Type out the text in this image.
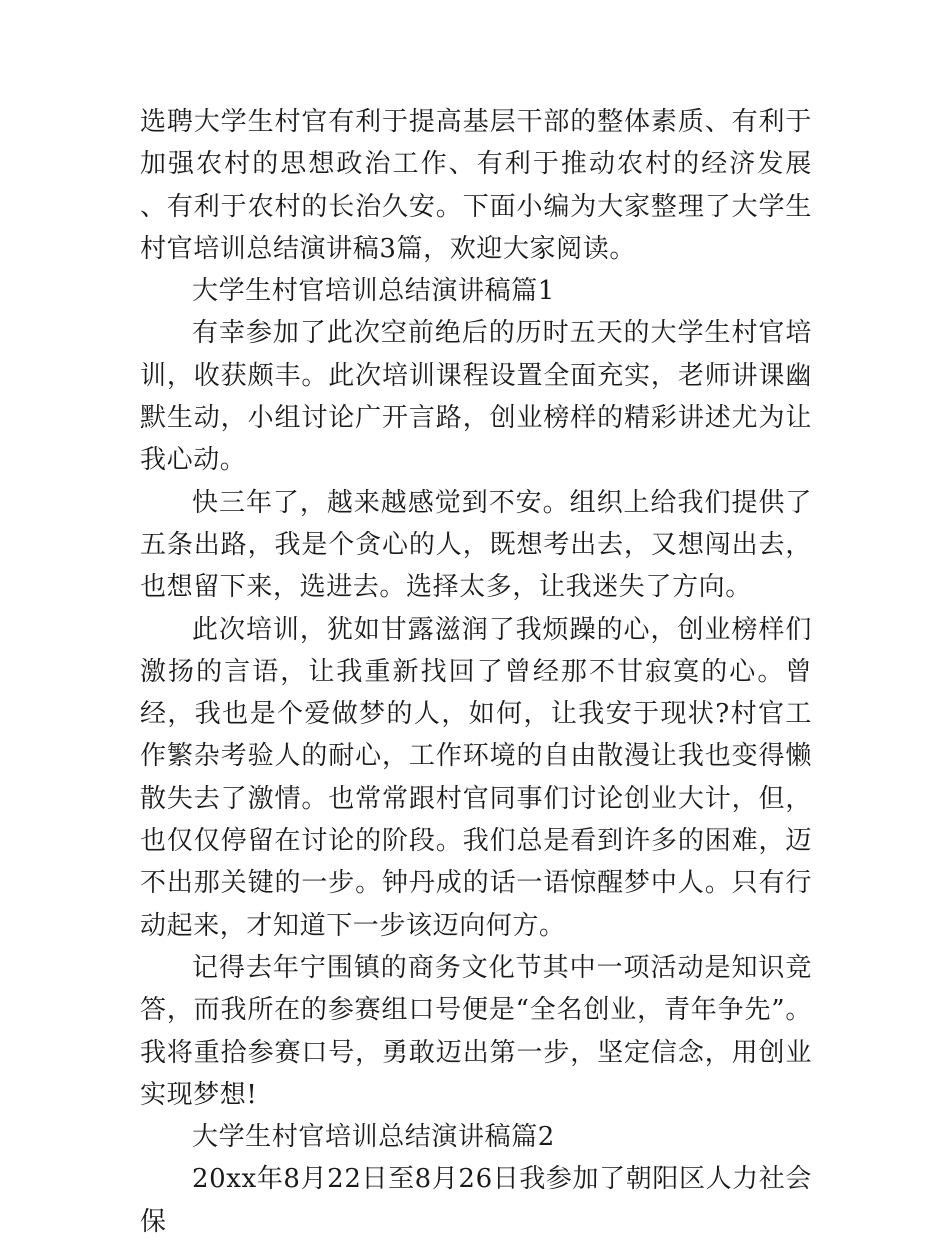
选聘大学生村官有利于提高基层干部的整体素质、有利于加强农村的思想政治工作、有利于推动农村的经济发展 、有利于农村的长治久安。下面小编为大家整理了大学生村官培训总结演讲稿3篇，欢迎大家阅读。

大学生村官培训总结演讲稿篇1

有幸参加了此次空前绝后的历时五天的大学生村官培训，收获颇丰。此次培训课程设置全面充实，老师讲课幽默生动，小组讨论广开言路，创业榜样的精彩讲述尤为让我心动。

快三年了，越来越感觉到不安。组织上给我们提供了五条出路，我是个贪心的人，既想考出去，又想闯出去，也想留下来，选进去。选择太多，让我迷失了方向。

此次培训，犹如甘露滋润了我烦躁的心，创业榜样们激扬的言语，让我重新找回了曾经那不甘寂寞的心。曾经，我也是个爱做梦的人，如何，让我安于现状?村官工作繁杂考验人的耐心，工作环境的自由散漫让我也变得懒散失去了激情。也常常跟村官同事们讨论创业大计，但，也仅仅停留在讨论的阶段。我们总是看到许多的困难，迈不出那关键的一步。钟丹成的话一语惊醒梦中人。只有行动起来，才知道下一步该迈向何方。

记得去年宁围镇的商务文化节其中一项活动是知识竞答，而我所在的参赛组口号便是“全名创业，青年争先”。我将重拾参赛口号，勇敢迈出第一步，坚定信念，用创业实现梦想!

大学生村官培训总结演讲稿篇2

20xx年8月22日至8月26日我参加了朝阳区人力社会保
